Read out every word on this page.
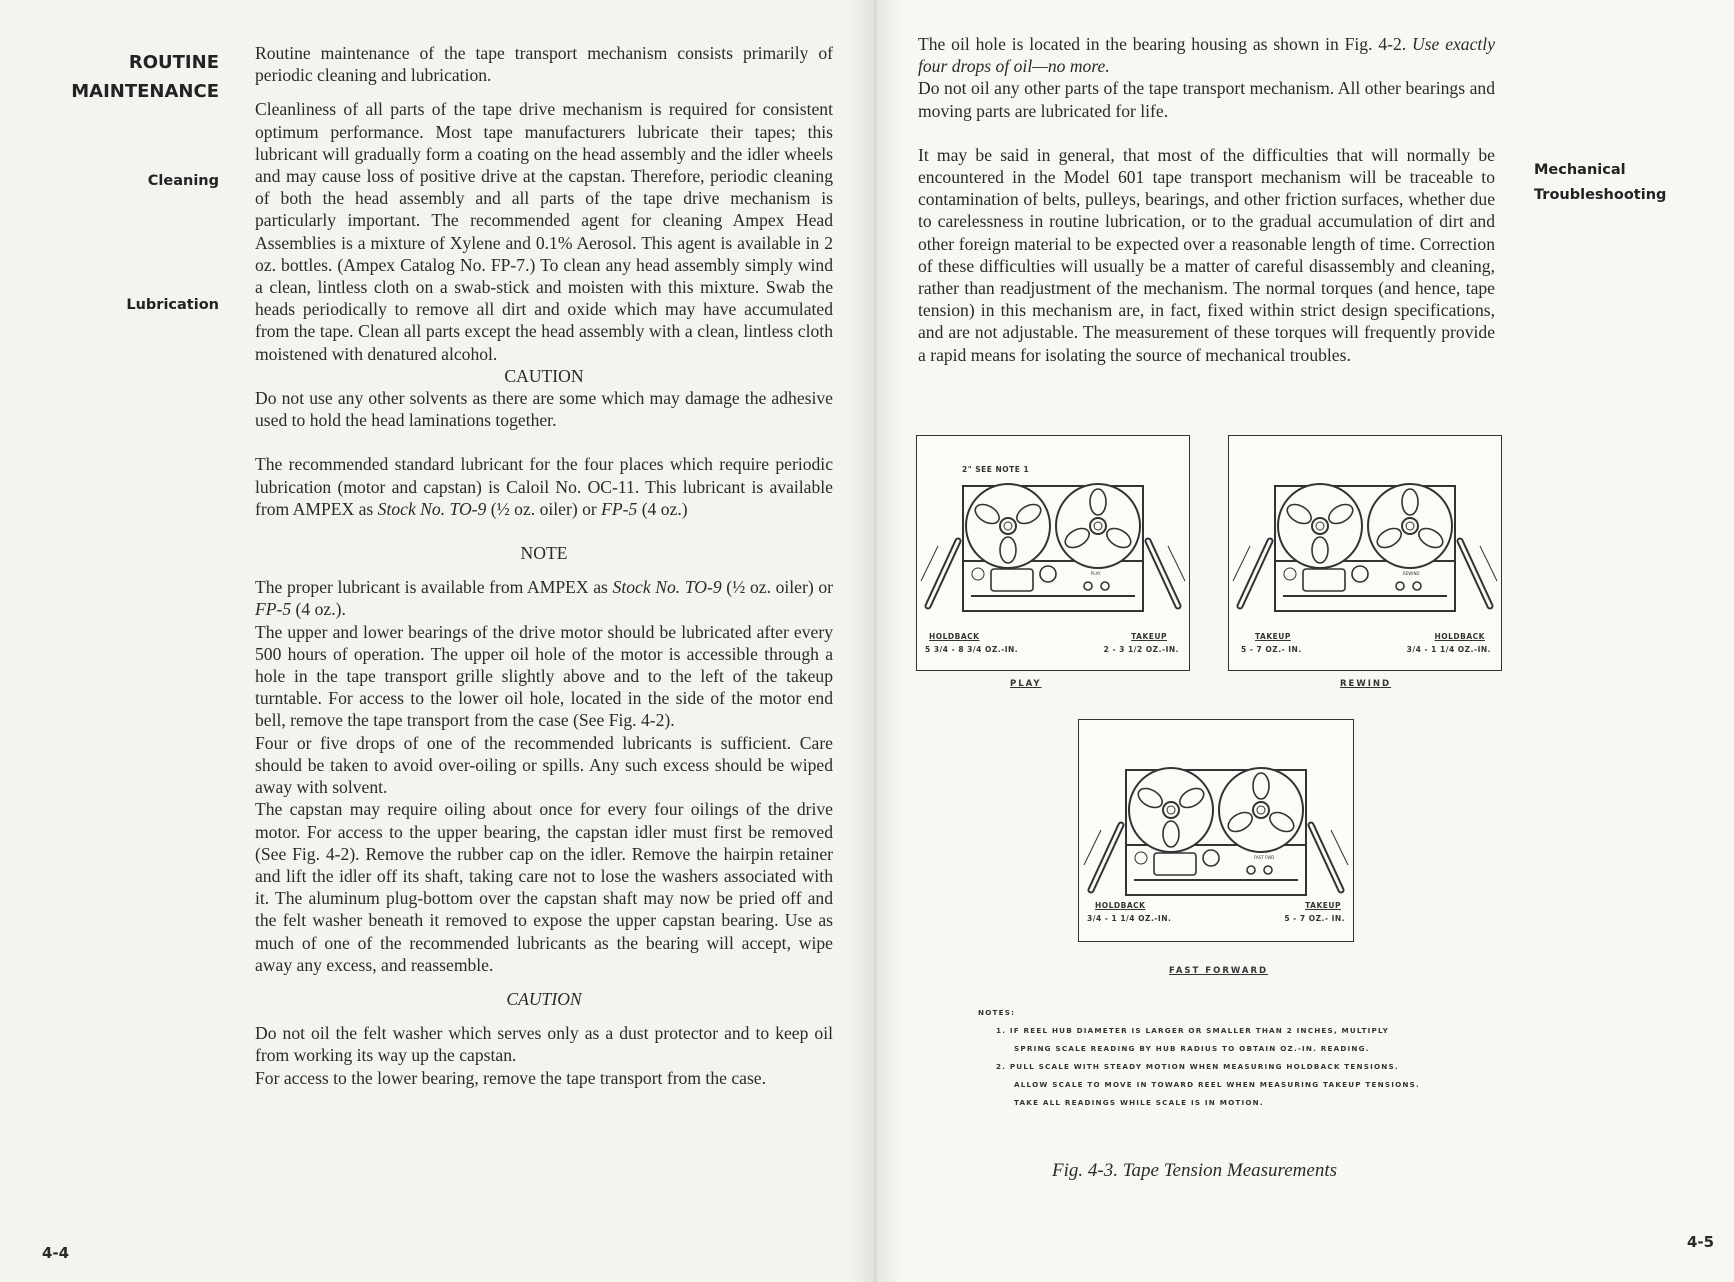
ROUTINE
MAINTENANCE
Cleaning
Lubrication

Routine maintenance of the tape transport mechanism consists primarily of periodic cleaning and lubrication.

Cleanliness of all parts of the tape drive mechanism is required for consistent optimum performance. Most tape manufacturers lubricate their tapes; this lubricant will gradually form a coating on the head assembly and the idler wheels and may cause loss of positive drive at the capstan. Therefore, periodic cleaning of both the head assembly and all parts of the tape drive mechanism is particularly important. The recommended agent for cleaning Ampex Head Assemblies is a mixture of Xylene and 0.1% Aerosol. This agent is available in 2 oz. bottles. (Ampex Catalog No. FP-7.) To clean any head assembly simply wind a clean, lintless cloth on a swab-stick and moisten with this mixture. Swab the heads periodically to remove all dirt and oxide which may have accumulated from the tape. Clean all parts except the head assembly with a clean, lintless cloth moistened with denatured alcohol.

CAUTION

Do not use any other solvents as there are some which may damage the adhesive used to hold the head laminations together.

The recommended standard lubricant for the four places which require periodic lubrication (motor and capstan) is Caloil No. OC-11. This lubricant is available from AMPEX as Stock No. TO-9 (½ oz. oiler) or FP-5 (4 oz.)

NOTE

The proper lubricant is available from AMPEX as Stock No. TO-9 (½ oz. oiler) or FP-5 (4 oz.).

The upper and lower bearings of the drive motor should be lubricated after every 500 hours of operation. The upper oil hole of the motor is accessible through a hole in the tape transport grille slightly above and to the left of the takeup turntable. For access to the lower oil hole, located in the side of the motor end bell, remove the tape transport from the case (See Fig. 4-2).

Four or five drops of one of the recommended lubricants is sufficient. Care should be taken to avoid over-oiling or spills. Any such excess should be wiped away with solvent.

The capstan may require oiling about once for every four oilings of the drive motor. For access to the upper bearing, the capstan idler must first be removed (See Fig. 4-2). Remove the rubber cap on the idler. Remove the hairpin retainer and lift the idler off its shaft, taking care not to lose the washers associated with it. The aluminum plug-bottom over the capstan shaft may now be pried off and the felt washer beneath it removed to expose the upper capstan bearing. Use as much of one of the recommended lubricants as the bearing will accept, wipe away any excess, and reassemble.

CAUTION

Do not oil the felt washer which serves only as a dust protector and to keep oil from working its way up the capstan.

For access to the lower bearing, remove the tape transport from the case.

4-4

The oil hole is located in the bearing housing as shown in Fig. 4-2. Use exactly four drops of oil—no more.

Do not oil any other parts of the tape transport mechanism. All other bearings and moving parts are lubricated for life.

It may be said in general, that most of the difficulties that will normally be encountered in the Model 601 tape transport mechanism will be traceable to contamination of belts, pulleys, bearings, and other friction surfaces, whether due to carelessness in routine lubrication, or to the gradual accumulation of dirt and other foreign material to be expected over a reasonable length of time. Correction of these difficulties will usually be a matter of careful disassembly and cleaning, rather than readjustment of the mechanism. The normal torques (and hence, tape tension) in this mechanism are, in fact, fixed within strict design specifications, and are not adjustable. The measurement of these torques will frequently provide a rapid means for isolating the source of mechanical troubles.

Mechanical
Troubleshooting
PLAY
2" SEE NOTE 1
HOLDBACK
5 3/4 - 8 3/4 OZ.-IN.
TAKEUP
2 - 3 1/2 OZ.-IN.
PLAY
REWIND
TAKEUP
5 - 7 OZ.- IN.
HOLDBACK
3/4 - 1 1/4 OZ.-IN.
REWIND
FAST FWD
HOLDBACK
3/4 - 1 1/4 OZ.-IN.
TAKEUP
5 - 7 OZ.- IN.
FAST FORWARD
NOTES:
1. IF REEL HUB DIAMETER IS LARGER OR SMALLER THAN 2 INCHES, MULTIPLY
SPRING SCALE READING BY HUB RADIUS TO OBTAIN OZ.-IN. READING.
2. PULL SCALE WITH STEADY MOTION WHEN MEASURING HOLDBACK TENSIONS.
ALLOW SCALE TO MOVE IN TOWARD REEL WHEN MEASURING TAKEUP TENSIONS.
TAKE ALL READINGS WHILE SCALE IS IN MOTION.
Fig. 4-3. Tape Tension Measurements
4-5
